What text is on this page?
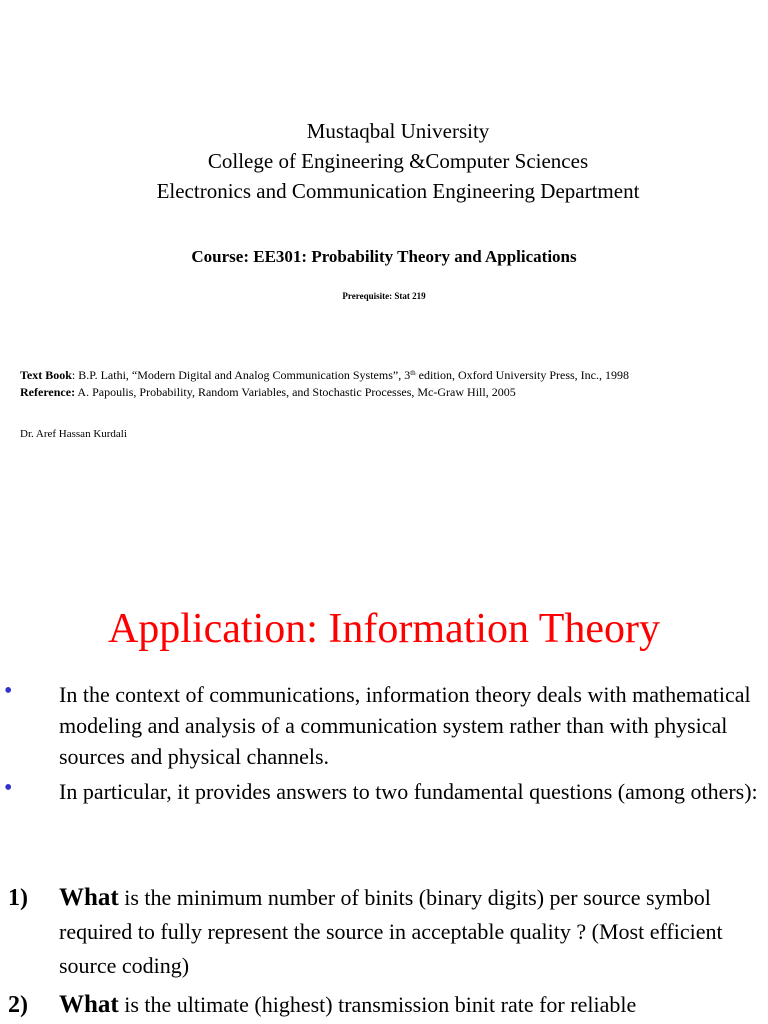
Mustaqbal University
College of Engineering &Computer Sciences
Electronics and Communication Engineering Department
Course: EE301: Probability Theory and Applications
Prerequisite: Stat 219
Text Book: B.P. Lathi, “Modern Digital and Analog Communication Systems”, 3th edition, Oxford University Press, Inc., 1998
Reference: A. Papoulis, Probability, Random Variables, and Stochastic Processes, Mc-Graw Hill, 2005
Dr. Aref Hassan Kurdali
Application: Information Theory
• In the context of communications, information theory deals with mathematical modeling and analysis of a communication system rather than with physical sources and physical channels.
• In particular, it provides answers to two fundamental questions (among others):
1) What is the minimum number of binits (binary digits) per source symbol required to fully represent the source in acceptable quality ? (Most efficient source coding)
2) What is the ultimate (highest) transmission binit rate for reliable
